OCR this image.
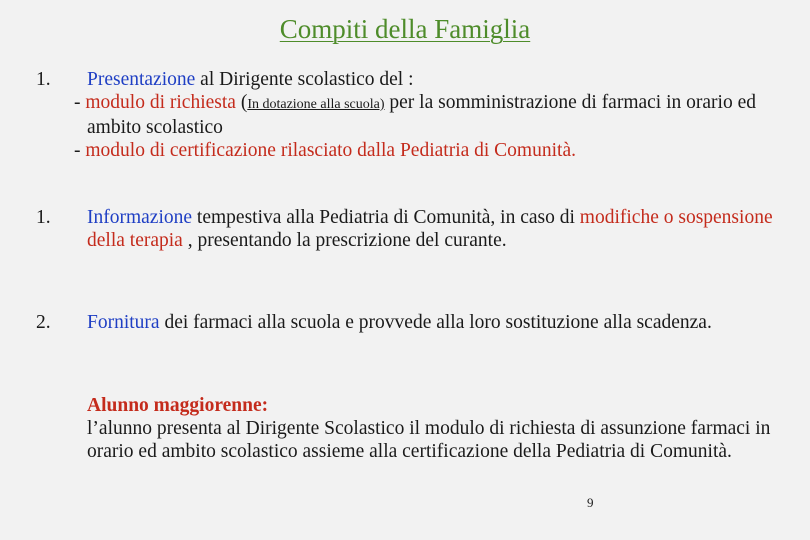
Compiti della Famiglia
1. Presentazione al Dirigente scolastico del :
- modulo di richiesta (In dotazione alla scuola) per la somministrazione di farmaci in orario ed ambito scolastico
- modulo di certificazione rilasciato dalla Pediatria di Comunità.
1. Informazione tempestiva alla Pediatria di Comunità, in caso di modifiche o sospensione della terapia , presentando la prescrizione del curante.
2. Fornitura dei farmaci alla scuola e provvede alla loro sostituzione alla scadenza.
Alunno maggiorenne:
l’alunno presenta al Dirigente Scolastico il modulo di richiesta di assunzione farmaci in orario ed ambito scolastico assieme alla certificazione della Pediatria di Comunità.
9
